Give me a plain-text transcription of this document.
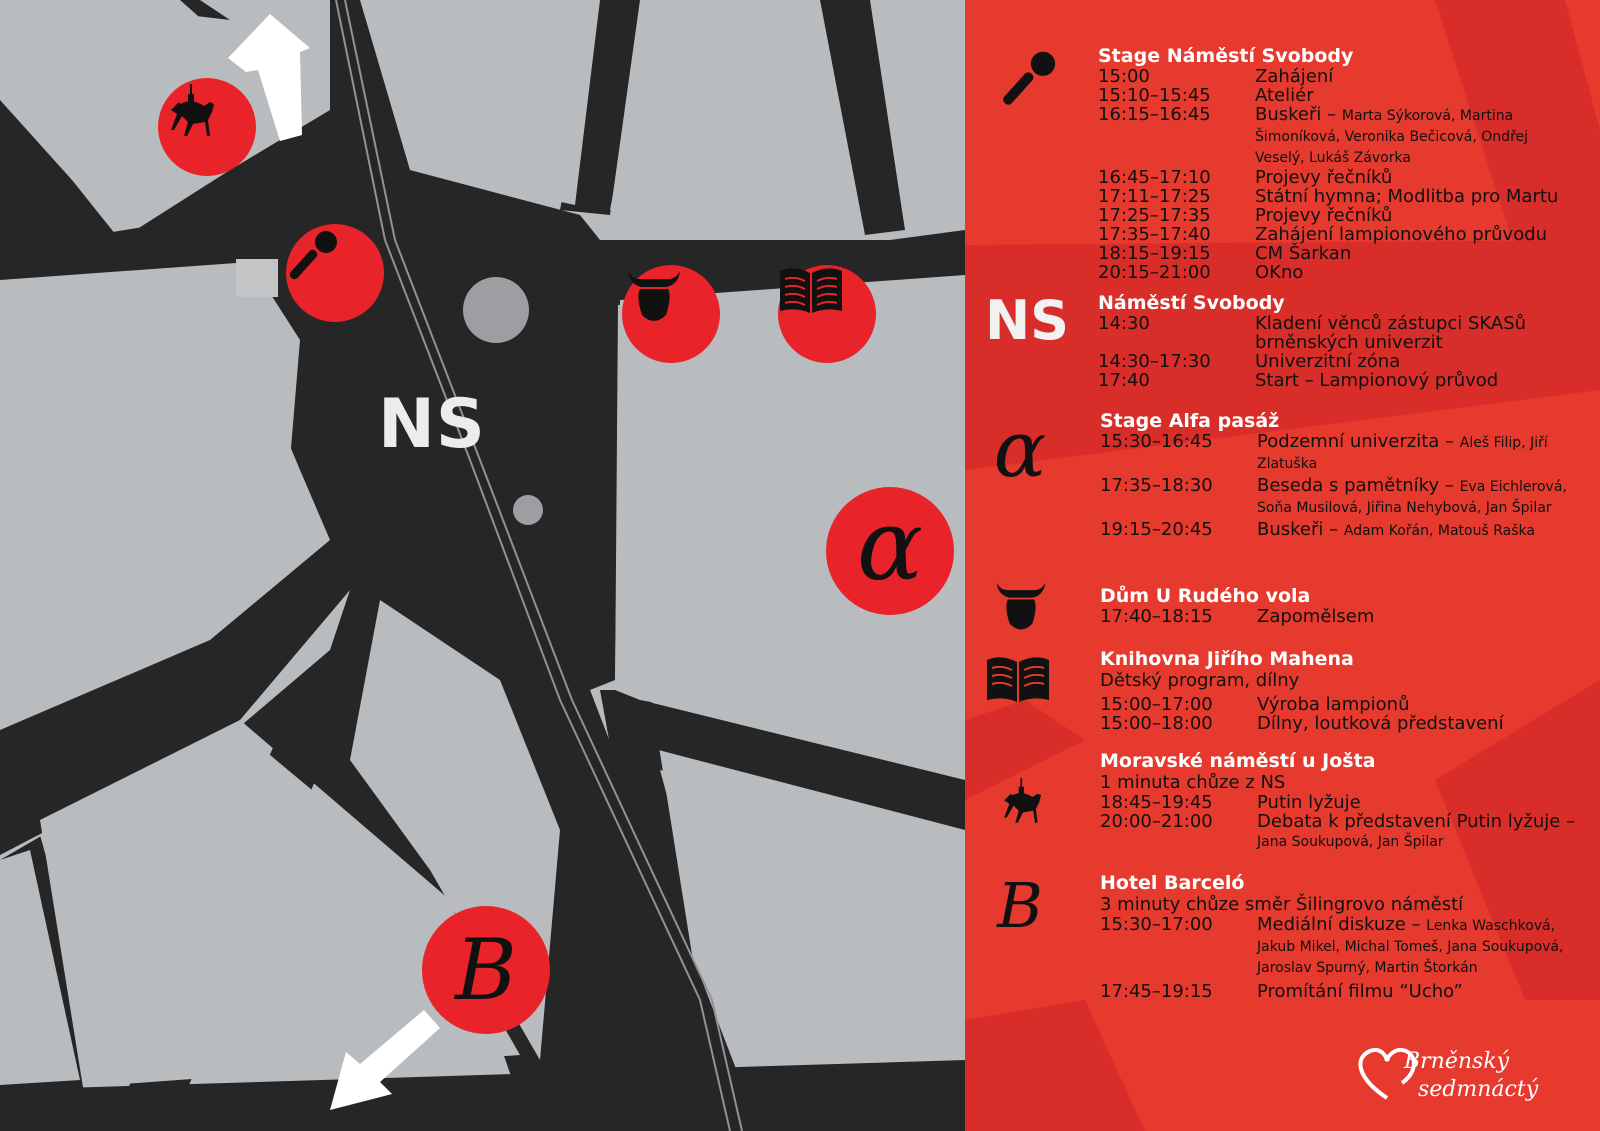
NS
α
B
NS
α
B
Stage Náměstí Svobody
15:00	Zahájení
15:10–15:45	Ateliér
16:15–16:45	Buskeři – Marta Sýkorová, Martina Šimoníková, Veronika Bečicová, Ondřej Veselý, Lukáš Závorka
16:45–17:10	Projevy řečníků
17:11–17:25	Státní hymna; Modlitba pro Martu
17:25–17:35	Projevy řečníků
17:35–17:40	Zahájení lampionového průvodu
18:15–19:15	CM Šarkan
20:15–21:00	OKno
Náměstí Svobody
14:30	Kladení věnců zástupci SKASů brněnských univerzit
14:30–17:30	Univerzitní zóna
17:40	Start – Lampionový průvod
Stage Alfa pasáž
15:30–16:45	Podzemní univerzita – Aleš Filip, Jiří Zlatuška
17:35–18:30	Beseda s pamětníky – Eva Eichlerová, Soňa Musilová, Jiřina Nehybová, Jan Špilar
19:15–20:45	Buskeři – Adam Kořán, Matouš Raška
Dům U Rudého vola
17:40–18:15	Zapomělsem
Knihovna Jiřího Mahena
Dětský program, dílny
15:00–17:00	Výroba lampionů
15:00–18:00	Dílny, loutková představení
Moravské náměstí u Jošta
1 minuta chůze z NS
18:45–19:45	Putin lyžuje
20:00–21:00	Debata k představení Putin lyžuje – Jana Soukupová, Jan Špilar
Hotel Barceló
3 minuty chůze směr Šilingrovo náměstí
15:30–17:00	Mediální diskuze – Lenka Waschková, Jakub Mikel, Michal Tomeš, Jana Soukupová, Jaroslav Spurný, Martin Štorkán
17:45–19:15	Promítání filmu “Ucho”
Brněnský
sedmnáctý
